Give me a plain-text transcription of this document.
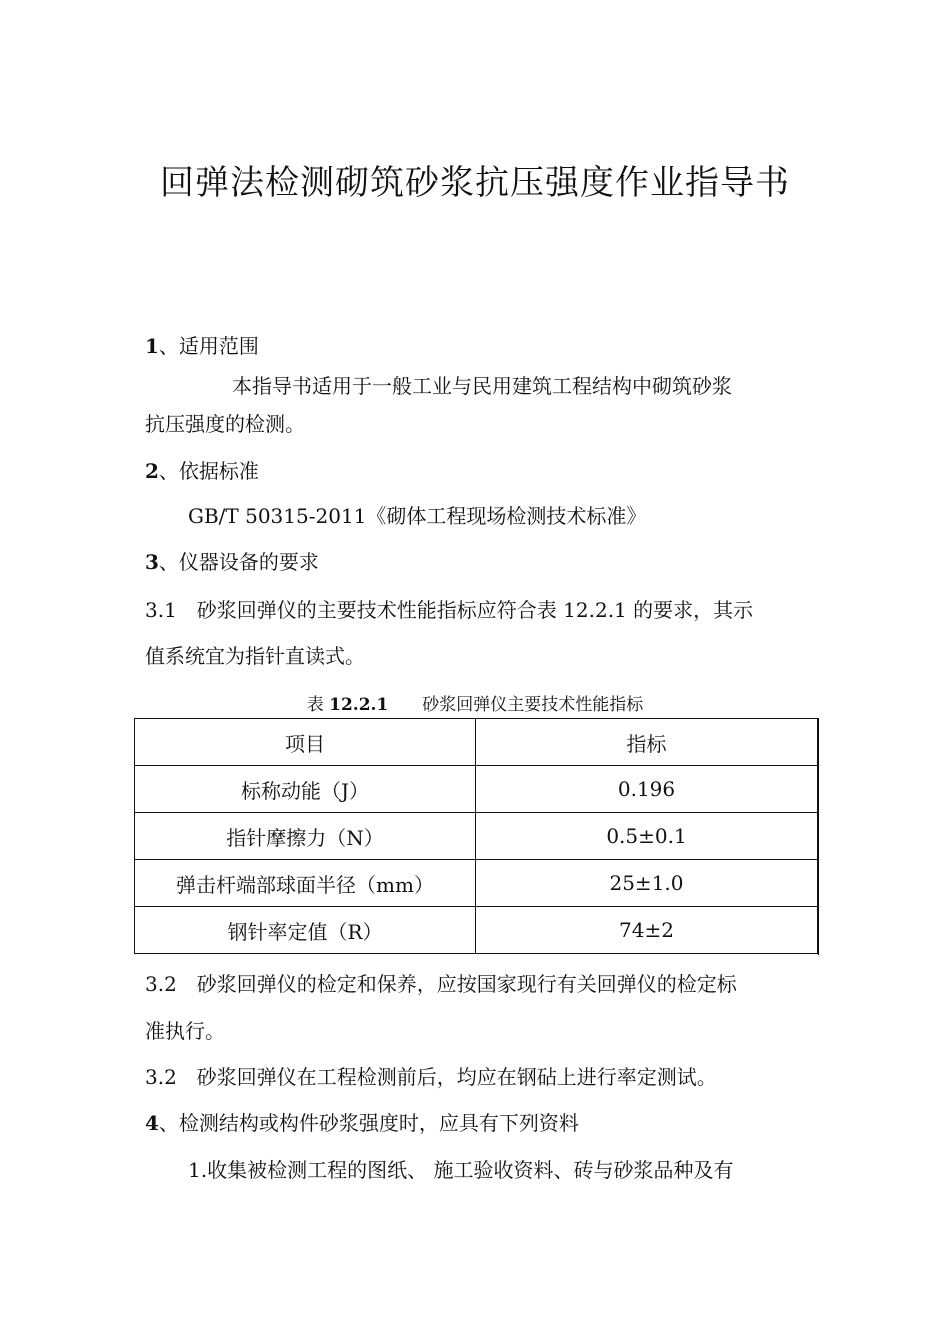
回弹法检测砌筑砂浆抗压强度作业指导书
1、适用范围
本指导书适用于一般工业与民用建筑工程结构中砌筑砂浆
抗压强度的检测。
2、依据标准
GB/T 50315-2011《砌体工程现场检测技术标准》
3、仪器设备的要求
3.1　砂浆回弹仪的主要技术性能指标应符合表 12.2.1 的要求，其示
值系统宜为指针直读式。
表 12.2.1　　砂浆回弹仪主要技术性能指标
项目	指标
标称动能（J）	0.196
指针摩擦力（N）	0.5±0.1
弹击杆端部球面半径（mm）	25±1.0
钢针率定值（R）	74±2
3.2　砂浆回弹仪的检定和保养，应按国家现行有关回弹仪的检定标
准执行。
3.2　砂浆回弹仪在工程检测前后，均应在钢砧上进行率定测试。
4、检测结构或构件砂浆强度时，应具有下列资料
1.收集被检测工程的图纸、 施工验收资料、砖与砂浆品种及有
